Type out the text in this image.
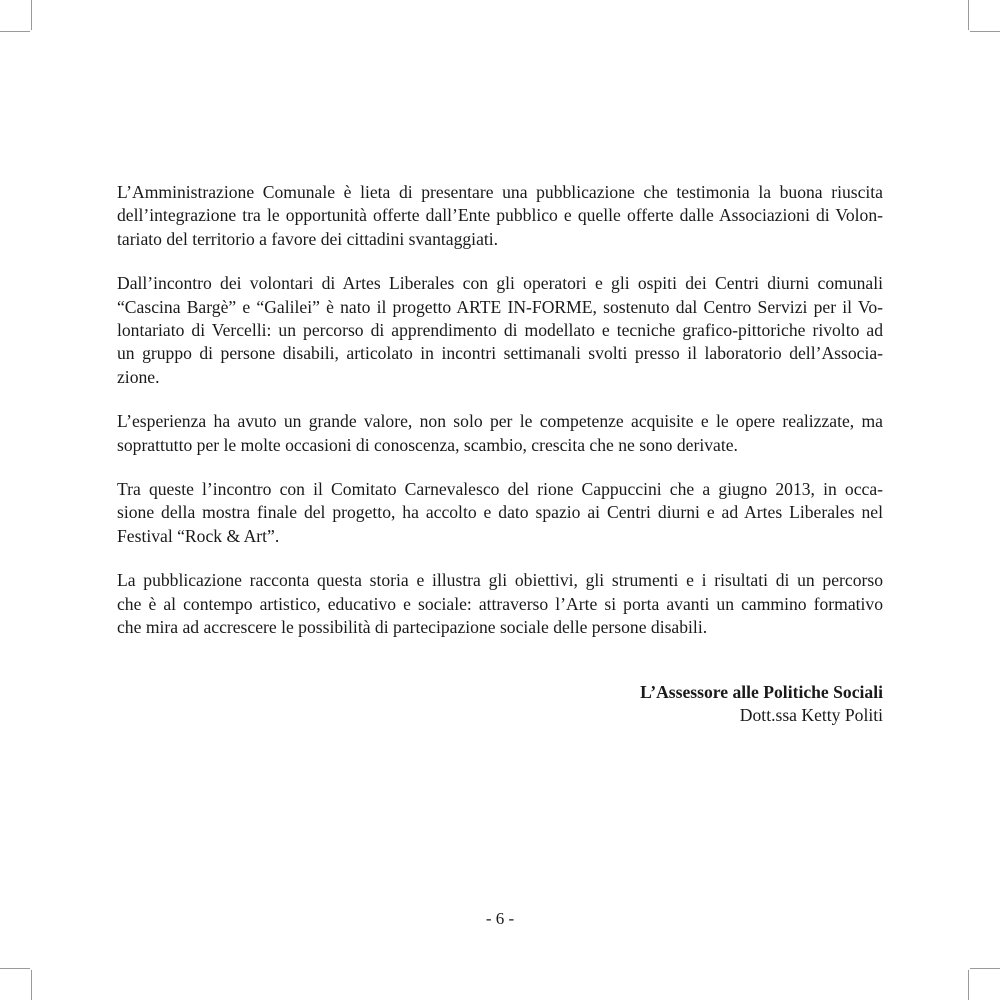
L’Amministrazione Comunale è lieta di presentare una pubblicazione che testimonia la buona riuscita
dell’integrazione tra le opportunità offerte dall’Ente pubblico e quelle offerte dalle Associazioni di Volon-
tariato del territorio a favore dei cittadini svantaggiati.

Dall’incontro dei volontari di Artes Liberales con gli operatori e gli ospiti dei Centri diurni comunali
“Cascina Bargè” e “Galilei” è nato il progetto ARTE IN-FORME, sostenuto dal Centro Servizi per il Vo-
lontariato di Vercelli: un percorso di apprendimento di modellato e tecniche grafico-pittoriche rivolto ad
un gruppo di persone disabili, articolato in incontri settimanali svolti presso il laboratorio dell’Associa-
zione.

L’esperienza ha avuto un grande valore, non solo per le competenze acquisite e le opere realizzate, ma
soprattutto per le molte occasioni di conoscenza, scambio, crescita che ne sono derivate.

Tra queste l’incontro con il Comitato Carnevalesco del rione Cappuccini che a giugno 2013, in occa-
sione della mostra finale del progetto, ha accolto e dato spazio ai Centri diurni e ad Artes Liberales nel
Festival “Rock & Art”.

La pubblicazione racconta questa storia e illustra gli obiettivi, gli strumenti e i risultati di un percorso
che è al contempo artistico, educativo e sociale: attraverso l’Arte si porta avanti un cammino formativo
che mira ad accrescere le possibilità di partecipazione sociale delle persone disabili.

L’Assessore alle Politiche Sociali
Dott.ssa Ketty Politi
- 6 -
